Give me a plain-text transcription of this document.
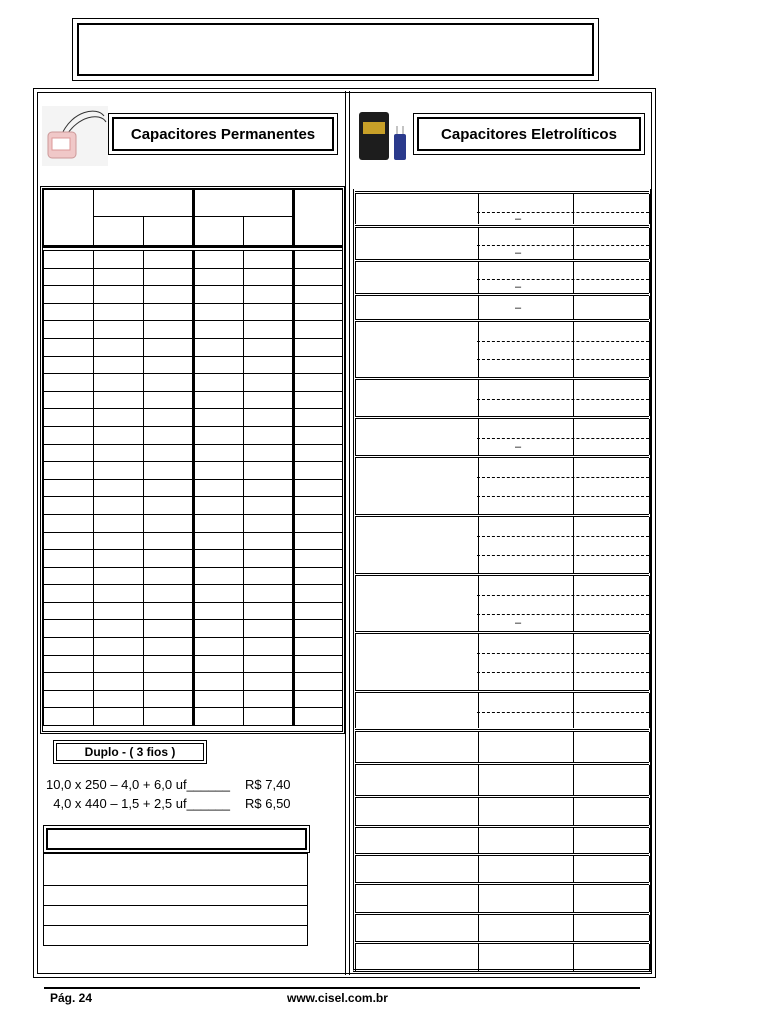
Capacitores Permanentes

Duplo - ( 3 fios )
10,0 x 250 – 4,0 + 6,0 uf______ R$ 7,40
4,0 x 440 – 1,5 + 2,5 uf______ R$ 6,50
Capacitores Eletrolíticos
–
–
–
–
–
–
Pág. 24	www.cisel.com.br
